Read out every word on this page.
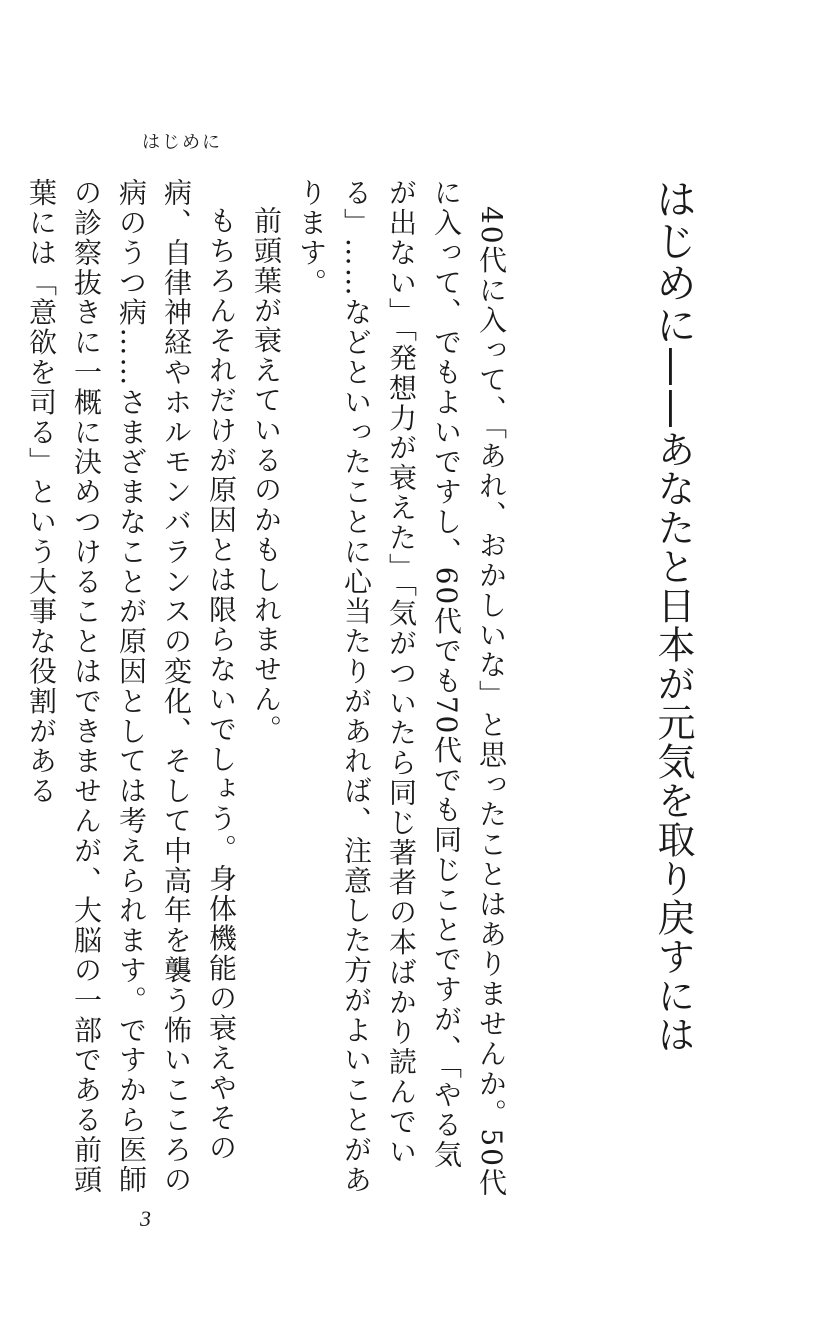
はじめに
はじめに——あなたと日本が元気を取り戻すには

40代に入って、「あれ、おかしいな」と思ったことはありませんか。50代に入って、でもよいですし、60代でも70代でも同じことですが、「やる気が出ない」「発想力が衰えた」「気がついたら同じ著者の本ばかり読んでいる」……などといったことに心当たりがあれば、注意した方がよいことがあります。

前頭葉が衰えているのかもしれません。

もちろんそれだけが原因とは限らないでしょう。身体機能の衰えやその病、自律神経やホルモンバランスの変化、そして中高年を襲う怖いこころの病のうつ病……さまざまなことが原因としては考えられます。ですから医師の診察抜きに一概に決めつけることはできませんが、大脳の一部である前頭葉には「意欲を司る」という大事な役割がある

3
